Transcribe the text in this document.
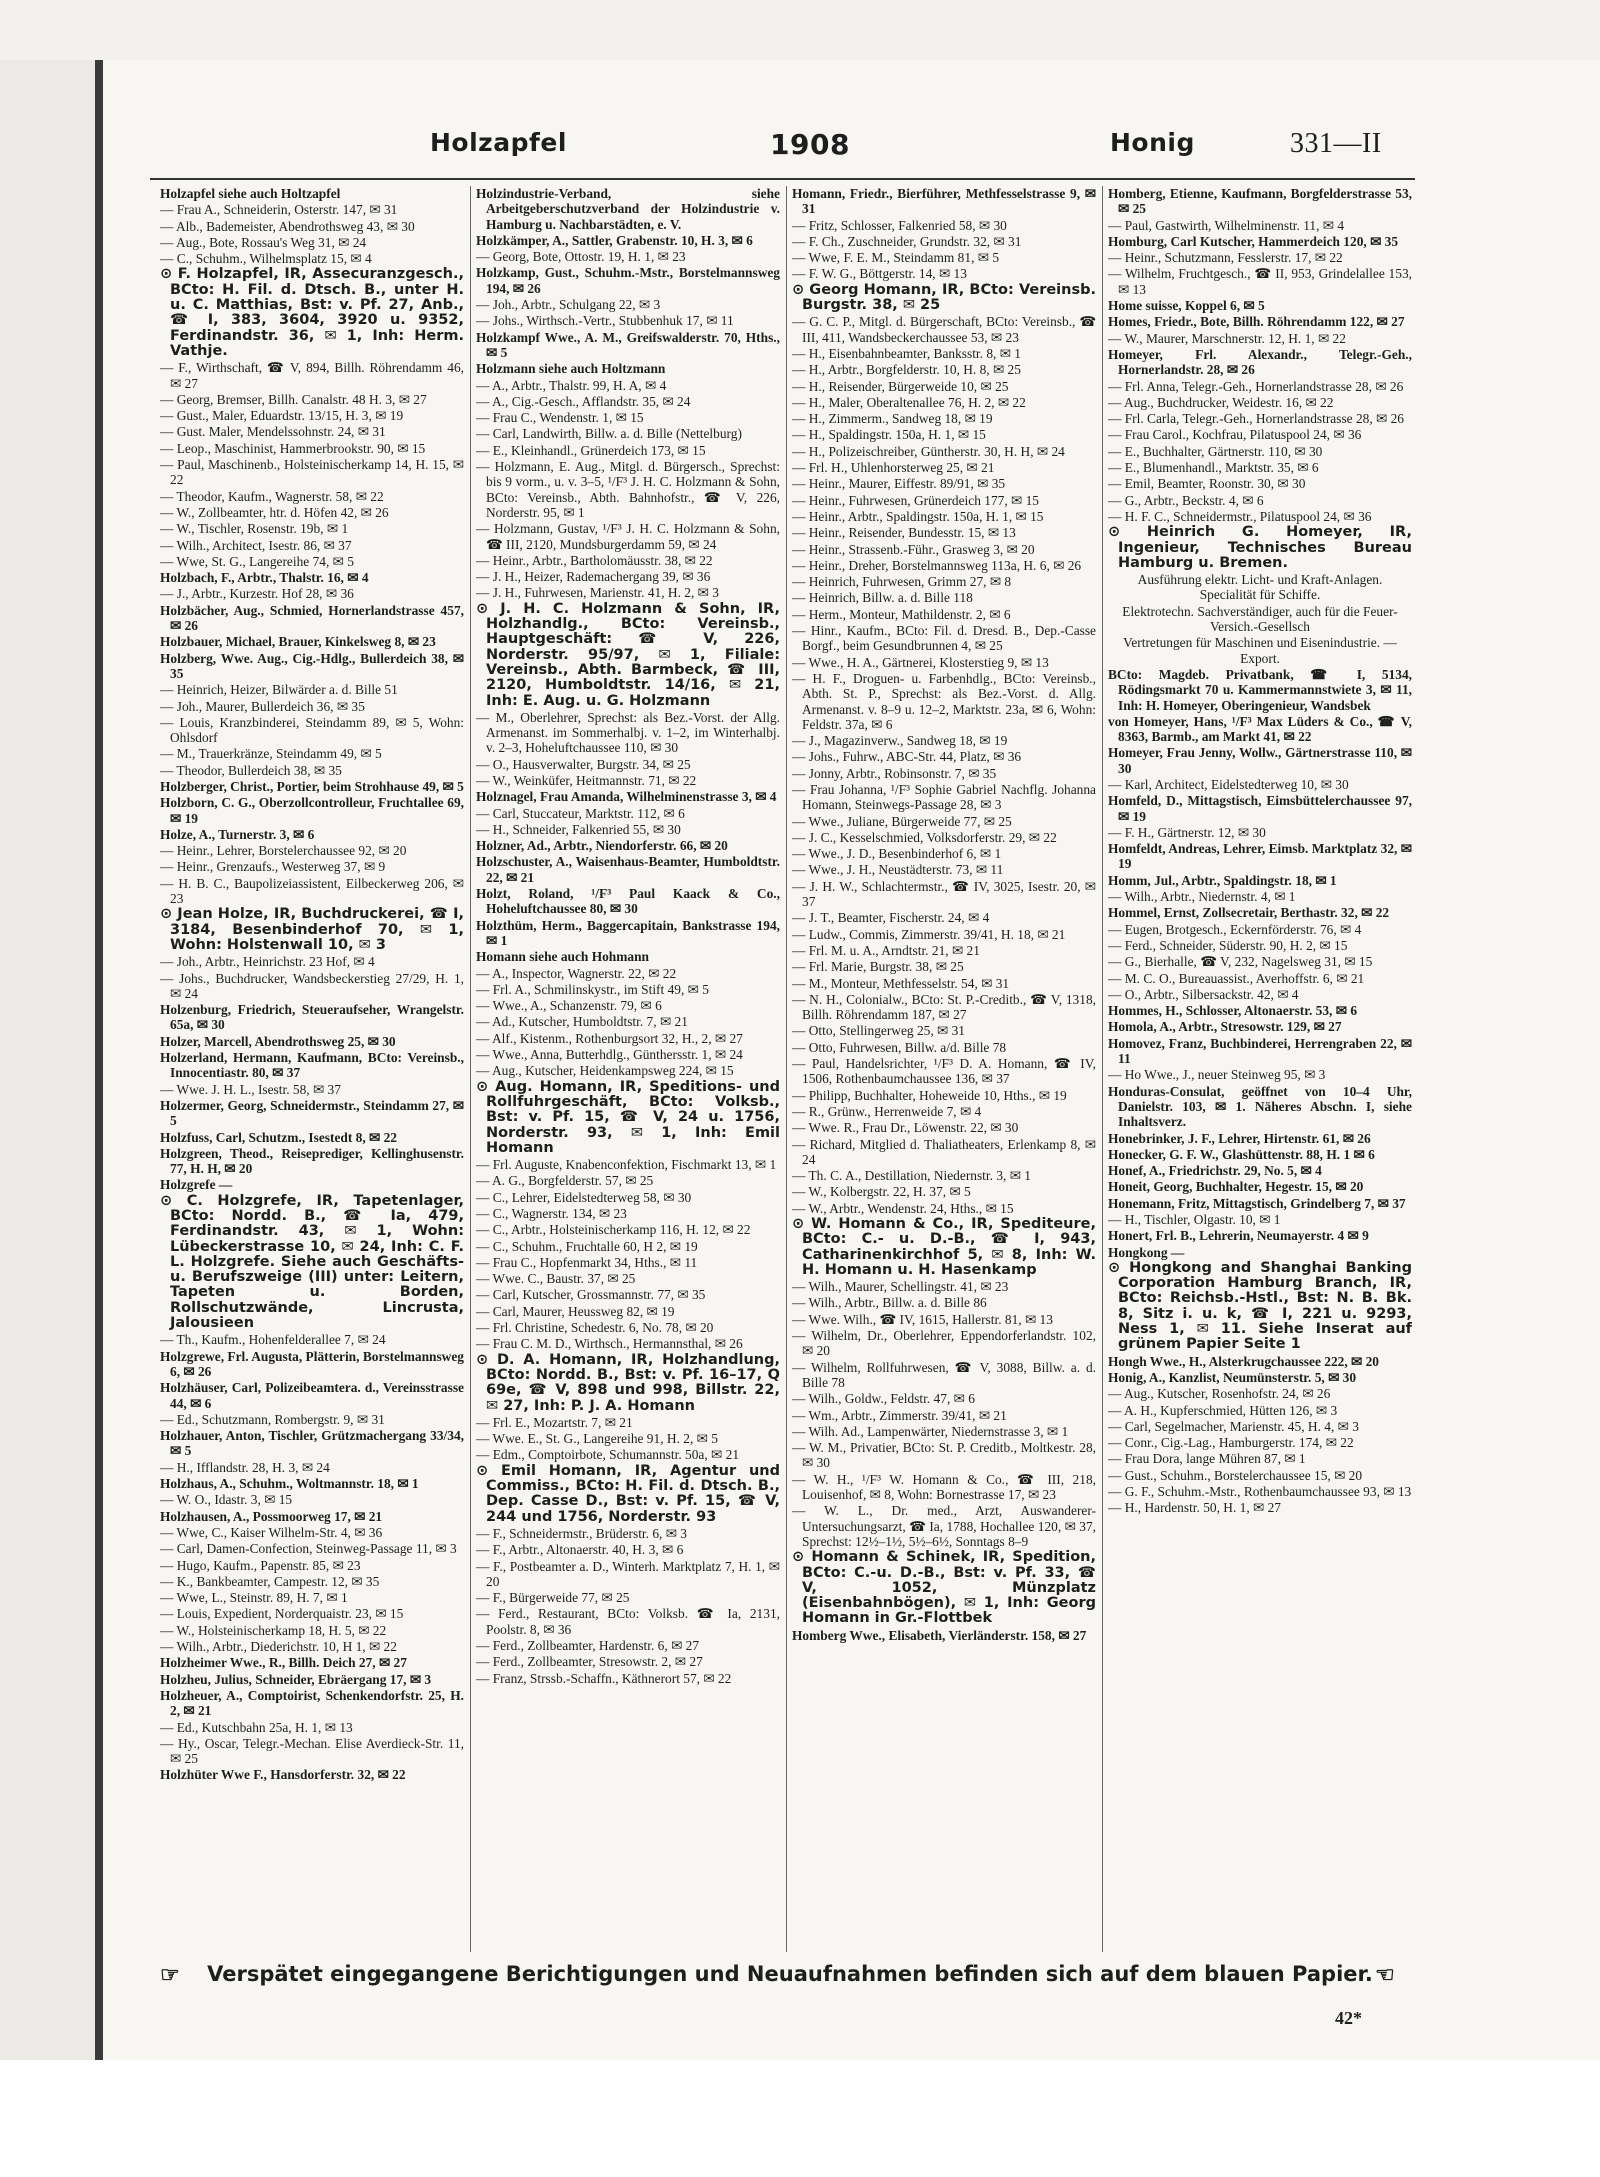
Holzapfel	1908	Honig	331—II

Holzapfel siehe auch Holtzapfel

— Frau A., Schneiderin, Osterstr. 147, ✉ 31

— Alb., Bademeister, Abendrothsweg 43, ✉ 30

— Aug., Bote, Rossau's Weg 31, ✉ 24

— C., Schuhm., Wilhelmsplatz 15, ✉ 4

⊙ F. Holzapfel, IR, Assecuranzgesch., BCto: H. Fil. d. Dtsch. B., unter H. u. C. Matthias, Bst: v. Pf. 27, Anb., ☎ I, 383, 3604, 3920 u. 9352, Ferdinandstr. 36, ✉ 1, Inh: Herm. Vathje.

— F., Wirthschaft, ☎ V, 894, Billh. Röhrendamm 46, ✉ 27

— Georg, Bremser, Billh. Canalstr. 48 H. 3, ✉ 27

— Gust., Maler, Eduardstr. 13/15, H. 3, ✉ 19

— Gust. Maler, Mendelssohnstr. 24, ✉ 31

— Leop., Maschinist, Hammerbrookstr. 90, ✉ 15

— Paul, Maschinenb., Holsteinischerkamp 14, H. 15, ✉ 22

— Theodor, Kaufm., Wagnerstr. 58, ✉ 22

— W., Zollbeamter, htr. d. Höfen 42, ✉ 26

— W., Tischler, Rosenstr. 19b, ✉ 1

— Wilh., Architect, Isestr. 86, ✉ 37

— Wwe, St. G., Langereihe 74, ✉ 5

Holzbach, F., Arbtr., Thalstr. 16, ✉ 4

— J., Arbtr., Kurzestr. Hof 28, ✉ 36

Holzbächer, Aug., Schmied, Hornerlandstrasse 457, ✉ 26

Holzbauer, Michael, Brauer, Kinkelsweg 8, ✉ 23

Holzberg, Wwe. Aug., Cig.-Hdlg., Bullerdeich 38, ✉ 35

— Heinrich, Heizer, Bilwärder a. d. Bille 51

— Joh., Maurer, Bullerdeich 36, ✉ 35

— Louis, Kranzbinderei, Steindamm 89, ✉ 5, Wohn: Ohlsdorf

— M., Trauerkränze, Steindamm 49, ✉ 5

— Theodor, Bullerdeich 38, ✉ 35

Holzberger, Christ., Portier, beim Strohhause 49, ✉ 5

Holzborn, C. G., Oberzollcontrolleur, Fruchtallee 69, ✉ 19

Holze, A., Turnerstr. 3, ✉ 6

— Heinr., Lehrer, Borstelerchaussee 92, ✉ 20

— Heinr., Grenzaufs., Westerweg 37, ✉ 9

— H. B. C., Baupolizeiassistent, Eilbeckerweg 206, ✉ 23

⊙ Jean Holze, IR, Buchdruckerei, ☎ I, 3184, Besenbinderhof 70, ✉ 1, Wohn: Holstenwall 10, ✉ 3

— Joh., Arbtr., Heinrichstr. 23 Hof, ✉ 4

— Johs., Buchdrucker, Wandsbeckerstieg 27/29, H. 1, ✉ 24

Holzenburg, Friedrich, Steueraufseher, Wrangelstr. 65a, ✉ 30

Holzer, Marcell, Abendrothsweg 25, ✉ 30

Holzerland, Hermann, Kaufmann, BCto: Vereinsb., Innocentiastr. 80, ✉ 37

— Wwe. J. H. L., Isestr. 58, ✉ 37

Holzermer, Georg, Schneidermstr., Steindamm 27, ✉ 5

Holzfuss, Carl, Schutzm., Isestedt 8, ✉ 22

Holzgreen, Theod., Reiseprediger, Kellinghusenstr. 77, H. H, ✉ 20

Holzgrefe —

⊙ C. Holzgrefe, IR, Tapetenlager, BCto: Nordd. B., ☎ Ia, 479, Ferdinandstr. 43, ✉ 1, Wohn: Lübeckerstrasse 10, ✉ 24, Inh: C. F. L. Holzgrefe. Siehe auch Geschäfts- u. Berufszweige (III) unter: Leitern, Tapeten u. Borden, Rollschutzwände, Lincrusta, Jalousieen

— Th., Kaufm., Hohenfelderallee 7, ✉ 24

Holzgrewe, Frl. Augusta, Plätterin, Borstelmannsweg 6, ✉ 26

Holzhäuser, Carl, Polizeibeamtera. d., Vereinsstrasse 44, ✉ 6

— Ed., Schutzmann, Rombergstr. 9, ✉ 31

Holzhauer, Anton, Tischler, Grützmachergang 33/34, ✉ 5

— H., Ifflandstr. 28, H. 3, ✉ 24

Holzhaus, A., Schuhm., Woltmannstr. 18, ✉ 1

— W. O., Idastr. 3, ✉ 15

Holzhausen, A., Possmoorweg 17, ✉ 21

— Wwe, C., Kaiser Wilhelm-Str. 4, ✉ 36

— Carl, Damen-Confection, Steinweg-Passage 11, ✉ 3

— Hugo, Kaufm., Papenstr. 85, ✉ 23

— K., Bankbeamter, Campestr. 12, ✉ 35

— Wwe, L., Steinstr. 89, H. 7, ✉ 1

— Louis, Expedient, Norderquaistr. 23, ✉ 15

— W., Holsteinischerkamp 18, H. 5, ✉ 22

— Wilh., Arbtr., Diederichstr. 10, H 1, ✉ 22

Holzheimer Wwe., R., Billh. Deich 27, ✉ 27

Holzheu, Julius, Schneider, Ebräergang 17, ✉ 3

Holzheuer, A., Comptoirist, Schenkendorfstr. 25, H. 2, ✉ 21

— Ed., Kutschbahn 25a, H. 1, ✉ 13

— Hy., Oscar, Telegr.-Mechan. Elise Averdieck-Str. 11, ✉ 25

Holzhüter Wwe F., Hansdorferstr. 32, ✉ 22

Holzindustrie-Verband, siehe Arbeitgeberschutzverband der Holzindustrie v. Hamburg u. Nachbarstädten, e. V.

Holzkämper, A., Sattler, Grabenstr. 10, H. 3, ✉ 6

— Georg, Bote, Ottostr. 19, H. 1, ✉ 23

Holzkamp, Gust., Schuhm.-Mstr., Borstelmannsweg 194, ✉ 26

— Joh., Arbtr., Schulgang 22, ✉ 3

— Johs., Wirthsch.-Vertr., Stubbenhuk 17, ✉ 11

Holzkampf Wwe., A. M., Greifswalderstr. 70, Hths., ✉ 5

Holzmann siehe auch Holtzmann

— A., Arbtr., Thalstr. 99, H. A, ✉ 4

— A., Cig.-Gesch., Afflandstr. 35, ✉ 24

— Frau C., Wendenstr. 1, ✉ 15

— Carl, Landwirth, Billw. a. d. Bille (Nettelburg)

— E., Kleinhandl., Grünerdeich 173, ✉ 15

— Holzmann, E. Aug., Mitgl. d. Bürgersch., Sprechst: bis 9 vorm., u. v. 3–5, ¹/F³ J. H. C. Holzmann & Sohn, BCto: Vereinsb., Abth. Bahnhofstr., ☎ V, 226, Norderstr. 95, ✉ 1

— Holzmann, Gustav, ¹/F³ J. H. C. Holzmann & Sohn, ☎ III, 2120, Mundsburgerdamm 59, ✉ 24

— Heinr., Arbtr., Bartholomäusstr. 38, ✉ 22

— J. H., Heizer, Rademachergang 39, ✉ 36

— J. H., Fuhrwesen, Marienstr. 41, H. 2, ✉ 3

⊙ J. H. C. Holzmann & Sohn, IR, Holzhandlg., BCto: Vereinsb., Hauptgeschäft: ☎ V, 226, Norderstr. 95/97, ✉ 1, Filiale: Vereinsb., Abth. Barmbeck, ☎ III, 2120, Humboldtstr. 14/16, ✉ 21, Inh: E. Aug. u. G. Holzmann

— M., Oberlehrer, Sprechst: als Bez.-Vorst. der Allg. Armenanst. im Sommerhalbj. v. 1–2, im Winterhalbj. v. 2–3, Hoheluftchaussee 110, ✉ 30

— O., Hausverwalter, Burgstr. 34, ✉ 25

— W., Weinküfer, Heitmannstr. 71, ✉ 22

Holznagel, Frau Amanda, Wilhelminenstrasse 3, ✉ 4

— Carl, Stuccateur, Marktstr. 112, ✉ 6

— H., Schneider, Falkenried 55, ✉ 30

Holzner, Ad., Arbtr., Niendorferstr. 66, ✉ 20

Holzschuster, A., Waisenhaus-Beamter, Humboldtstr. 22, ✉ 21

Holzt, Roland, ¹/F³ Paul Kaack & Co., Hoheluftchaussee 80, ✉ 30

Holzthüm, Herm., Baggercapitain, Bankstrasse 194, ✉ 1

Homann siehe auch Hohmann

— A., Inspector, Wagnerstr. 22, ✉ 22

— Frl. A., Schmilinskystr., im Stift 49, ✉ 5

— Wwe., A., Schanzenstr. 79, ✉ 6

— Ad., Kutscher, Humboldtstr. 7, ✉ 21

— Alf., Kistenm., Rothenburgsort 32, H., 2, ✉ 27

— Wwe., Anna, Butterhdlg., Günthersstr. 1, ✉ 24

— Aug., Kutscher, Heidenkampsweg 224, ✉ 15

⊙ Aug. Homann, IR, Speditions- und Rollfuhrgeschäft, BCto: Volksb., Bst: v. Pf. 15, ☎ V, 24 u. 1756, Norderstr. 93, ✉ 1, Inh: Emil Homann

— Frl. Auguste, Knabenconfektion, Fischmarkt 13, ✉ 1

— A. G., Borgfelderstr. 57, ✉ 25

— C., Lehrer, Eidelstedterweg 58, ✉ 30

— C., Wagnerstr. 134, ✉ 23

— C., Arbtr., Holsteinischerkamp 116, H. 12, ✉ 22

— C., Schuhm., Fruchtalle 60, H 2, ✉ 19

— Frau C., Hopfenmarkt 34, Hths., ✉ 11

— Wwe. C., Baustr. 37, ✉ 25

— Carl, Kutscher, Grossmannstr. 77, ✉ 35

— Carl, Maurer, Heussweg 82, ✉ 19

— Frl. Christine, Schedestr. 6, No. 78, ✉ 20

— Frau C. M. D., Wirthsch., Hermannsthal, ✉ 26

⊙ D. A. Homann, IR, Holzhandlung, BCto: Nordd. B., Bst: v. Pf. 16–17, Q 69e, ☎ V, 898 und 998, Billstr. 22, ✉ 27, Inh: P. J. A. Homann

— Frl. E., Mozartstr. 7, ✉ 21

— Wwe. E., St. G., Langereihe 91, H. 2, ✉ 5

— Edm., Comptoirbote, Schumannstr. 50a, ✉ 21

⊙ Emil Homann, IR, Agentur und Commiss., BCto: H. Fil. d. Dtsch. B., Dep. Casse D., Bst: v. Pf. 15, ☎ V, 244 und 1756, Norderstr. 93

— F., Schneidermstr., Brüderstr. 6, ✉ 3

— F., Arbtr., Altonaerstr. 40, H. 3, ✉ 6

— F., Postbeamter a. D., Winterh. Marktplatz 7, H. 1, ✉ 20

— F., Bürgerweide 77, ✉ 25

— Ferd., Restaurant, BCto: Volksb. ☎ Ia, 2131, Poolstr. 8, ✉ 36

— Ferd., Zollbeamter, Hardenstr. 6, ✉ 27

— Ferd., Zollbeamter, Stresowstr. 2, ✉ 27

— Franz, Strssb.-Schaffn., Käthnerort 57, ✉ 22

Homann, Friedr., Bierführer, Methfesselstrasse 9, ✉ 31

— Fritz, Schlosser, Falkenried 58, ✉ 30

— F. Ch., Zuschneider, Grundstr. 32, ✉ 31

— Wwe, F. E. M., Steindamm 81, ✉ 5

— F. W. G., Böttgerstr. 14, ✉ 13

⊙ Georg Homann, IR, BCto: Vereinsb. Burgstr. 38, ✉ 25

— G. C. P., Mitgl. d. Bürgerschaft, BCto: Vereinsb., ☎ III, 411, Wandsbeckerchaussee 53, ✉ 23

— H., Eisenbahnbeamter, Banksstr. 8, ✉ 1

— H., Arbtr., Borgfelderstr. 10, H. 8, ✉ 25

— H., Reisender, Bürgerweide 10, ✉ 25

— H., Maler, Oberaltenallee 76, H. 2, ✉ 22

— H., Zimmerm., Sandweg 18, ✉ 19

— H., Spaldingstr. 150a, H. 1, ✉ 15

— H., Polizeischreiber, Güntherstr. 30, H. H, ✉ 24

— Frl. H., Uhlenhorsterweg 25, ✉ 21

— Heinr., Maurer, Eiffestr. 89/91, ✉ 35

— Heinr., Fuhrwesen, Grünerdeich 177, ✉ 15

— Heinr., Arbtr., Spaldingstr. 150a, H. 1, ✉ 15

— Heinr., Reisender, Bundesstr. 15, ✉ 13

— Heinr., Strassenb.-Führ., Grasweg 3, ✉ 20

— Heinr., Dreher, Borstelmannsweg 113a, H. 6, ✉ 26

— Heinrich, Fuhrwesen, Grimm 27, ✉ 8

— Heinrich, Billw. a. d. Bille 118

— Herm., Monteur, Mathildenstr. 2, ✉ 6

— Hinr., Kaufm., BCto: Fil. d. Dresd. B., Dep.-Casse Borgf., beim Gesundbrunnen 4, ✉ 25

— Wwe., H. A., Gärtnerei, Klosterstieg 9, ✉ 13

— H. F., Droguen- u. Farbenhdlg., BCto: Vereinsb., Abth. St. P., Sprechst: als Bez.-Vorst. d. Allg. Armenanst. v. 8–9 u. 12–2, Marktstr. 23a, ✉ 6, Wohn: Feldstr. 37a, ✉ 6

— J., Magazinverw., Sandweg 18, ✉ 19

— Johs., Fuhrw., ABC-Str. 44, Platz, ✉ 36

— Jonny, Arbtr., Robinsonstr. 7, ✉ 35

— Frau Johanna, ¹/F³ Sophie Gabriel Nachflg. Johanna Homann, Steinwegs-Passage 28, ✉ 3

— Wwe., Juliane, Bürgerweide 77, ✉ 25

— J. C., Kesselschmied, Volksdorferstr. 29, ✉ 22

— Wwe., J. D., Besenbinderhof 6, ✉ 1

— Wwe., J. H., Neustädterstr. 73, ✉ 11

— J. H. W., Schlachtermstr., ☎ IV, 3025, Isestr. 20, ✉ 37

— J. T., Beamter, Fischerstr. 24, ✉ 4

— Ludw., Commis, Zimmerstr. 39/41, H. 18, ✉ 21

— Frl. M. u. A., Arndtstr. 21, ✉ 21

— Frl. Marie, Burgstr. 38, ✉ 25

— M., Monteur, Methfesselstr. 54, ✉ 31

— N. H., Colonialw., BCto: St. P.-Creditb., ☎ V, 1318, Billh. Röhrendamm 187, ✉ 27

— Otto, Stellingerweg 25, ✉ 31

— Otto, Fuhrwesen, Billw. a/d. Bille 78

— Paul, Handelsrichter, ¹/F³ D. A. Homann, ☎ IV, 1506, Rothenbaumchaussee 136, ✉ 37

— Philipp, Buchhalter, Hoheweide 10, Hths., ✉ 19

— R., Grünw., Herrenweide 7, ✉ 4

— Wwe. R., Frau Dr., Löwenstr. 22, ✉ 30

— Richard, Mitglied d. Thaliatheaters, Erlenkamp 8, ✉ 24

— Th. C. A., Destillation, Niedernstr. 3, ✉ 1

— W., Kolbergstr. 22, H. 37, ✉ 5

— W., Arbtr., Wendenstr. 24, Hths., ✉ 15

⊙ W. Homann & Co., IR, Spediteure, BCto: C.- u. D.-B., ☎ I, 943, Catharinenkirchhof 5, ✉ 8, Inh: W. H. Homann u. H. Hasenkamp

— Wilh., Maurer, Schellingstr. 41, ✉ 23

— Wilh., Arbtr., Billw. a. d. Bille 86

— Wwe. Wilh., ☎ IV, 1615, Hallerstr. 81, ✉ 13

— Wilhelm, Dr., Oberlehrer, Eppendorferlandstr. 102, ✉ 20

— Wilhelm, Rollfuhrwesen, ☎ V, 3088, Billw. a. d. Bille 78

— Wilh., Goldw., Feldstr. 47, ✉ 6

— Wm., Arbtr., Zimmerstr. 39/41, ✉ 21

— Wilh. Ad., Lampenwärter, Niedernstrasse 3, ✉ 1

— W. M., Privatier, BCto: St. P. Creditb., Moltkestr. 28, ✉ 30

— W. H., ¹/F³ W. Homann & Co., ☎ III, 218, Louisenhof, ✉ 8, Wohn: Bornestrasse 17, ✉ 23

— W. L., Dr. med., Arzt, Auswanderer-Untersuchungsarzt, ☎ Ia, 1788, Hochallee 120, ✉ 37, Sprechst: 12½–1½, 5½–6½, Sonntags 8–9

⊙ Homann & Schinek, IR, Spedition, BCto: C.-u. D.-B., Bst: v. Pf. 33, ☎ V, 1052, Münzplatz (Eisenbahnbögen), ✉ 1, Inh: Georg Homann in Gr.-Flottbek

Homberg Wwe., Elisabeth, Vierländerstr. 158, ✉ 27

Homberg, Etienne, Kaufmann, Borgfelderstrasse 53, ✉ 25

— Paul, Gastwirth, Wilhelminenstr. 11, ✉ 4

Homburg, Carl Kutscher, Hammerdeich 120, ✉ 35

— Heinr., Schutzmann, Fesslerstr. 17, ✉ 22

— Wilhelm, Fruchtgesch., ☎ II, 953, Grindelallee 153, ✉ 13

Home suisse, Koppel 6, ✉ 5

Homes, Friedr., Bote, Billh. Röhrendamm 122, ✉ 27

— W., Maurer, Marschnerstr. 12, H. 1, ✉ 22

Homeyer, Frl. Alexandr., Telegr.-Geh., Hornerlandstr. 28, ✉ 26

— Frl. Anna, Telegr.-Geh., Hornerlandstrasse 28, ✉ 26

— Aug., Buchdrucker, Weidestr. 16, ✉ 22

— Frl. Carla, Telegr.-Geh., Hornerlandstrasse 28, ✉ 26

— Frau Carol., Kochfrau, Pilatuspool 24, ✉ 36

— E., Buchhalter, Gärtnerstr. 110, ✉ 30

— E., Blumenhandl., Marktstr. 35, ✉ 6

— Emil, Beamter, Roonstr. 30, ✉ 30

— G., Arbtr., Beckstr. 4, ✉ 6

— H. F. C., Schneidermstr., Pilatuspool 24, ✉ 36

⊙ Heinrich G. Homeyer, IR, Ingenieur, Technisches Bureau Hamburg u. Bremen.

Ausführung elektr. Licht- und Kraft-Anlagen. Specialität für Schiffe.

Elektrotechn. Sachverständiger, auch für die Feuer-Versich.-Gesellsch

Vertretungen für Maschinen und Eisenindustrie. — Export.

BCto: Magdeb. Privatbank, ☎ I, 5134, Rödingsmarkt 70 u. Kammermannstwiete 3, ✉ 11, Inh: H. Homeyer, Oberingenieur, Wandsbek

von Homeyer, Hans, ¹/F³ Max Lüders & Co., ☎ V, 8363, Barmb., am Markt 41, ✉ 22

Homeyer, Frau Jenny, Wollw., Gärtnerstrasse 110, ✉ 30

— Karl, Architect, Eidelstedterweg 10, ✉ 30

Homfeld, D., Mittagstisch, Eimsbüttelerchaussee 97, ✉ 19

— F. H., Gärtnerstr. 12, ✉ 30

Homfeldt, Andreas, Lehrer, Eimsb. Marktplatz 32, ✉ 19

Homm, Jul., Arbtr., Spaldingstr. 18, ✉ 1

— Wilh., Arbtr., Niedernstr. 4, ✉ 1

Hommel, Ernst, Zollsecretair, Berthastr. 32, ✉ 22

— Eugen, Brotgesch., Eckernförderstr. 76, ✉ 4

— Ferd., Schneider, Süderstr. 90, H. 2, ✉ 15

— G., Bierhalle, ☎ V, 232, Nagelsweg 31, ✉ 15

— M. C. O., Bureauassist., Averhoffstr. 6, ✉ 21

— O., Arbtr., Silbersackstr. 42, ✉ 4

Hommes, H., Schlosser, Altonaerstr. 53, ✉ 6

Homola, A., Arbtr., Stresowstr. 129, ✉ 27

Homovez, Franz, Buchbinderei, Herrengraben 22, ✉ 11

— Ho Wwe., J., neuer Steinweg 95, ✉ 3

Honduras-Consulat, geöffnet von 10–4 Uhr, Danielstr. 103, ✉ 1. Näheres Abschn. I, siehe Inhaltsverz.

Honebrinker, J. F., Lehrer, Hirtenstr. 61, ✉ 26

Honecker, G. F. W., Glashüttenstr. 88, H. 1 ✉ 6

Honef, A., Friedrichstr. 29, No. 5, ✉ 4

Honeit, Georg, Buchhalter, Hegestr. 15, ✉ 20

Honemann, Fritz, Mittagstisch, Grindelberg 7, ✉ 37

— H., Tischler, Olgastr. 10, ✉ 1

Honert, Frl. B., Lehrerin, Neumayerstr. 4 ✉ 9

Hongkong —

⊙ Hongkong and Shanghai Banking Corporation Hamburg Branch, IR, BCto: Reichsb.-Hstl., Bst: N. B. Bk. 8, Sitz i. u. k, ☎ I, 221 u. 9293, Ness 1, ✉ 11. Siehe Inserat auf grünem Papier Seite 1

Hongh Wwe., H., Alsterkrugchaussee 222, ✉ 20

Honig, A., Kanzlist, Neumünsterstr. 5, ✉ 30

— Aug., Kutscher, Rosenhofstr. 24, ✉ 26

— A. H., Kupferschmied, Hütten 126, ✉ 3

— Carl, Segelmacher, Marienstr. 45, H. 4, ✉ 3

— Conr., Cig.-Lag., Hamburgerstr. 174, ✉ 22

— Frau Dora, lange Mühren 87, ✉ 1

— Gust., Schuhm., Borstelerchaussee 15, ✉ 20

— G. F., Schuhm.-Mstr., Rothenbaumchaussee 93, ✉ 13

— H., Hardenstr. 50, H. 1, ✉ 27

☞	Verspätet eingegangene Berichtigungen und Neuaufnahmen befinden sich auf dem blauen Papier. ☜
42*
